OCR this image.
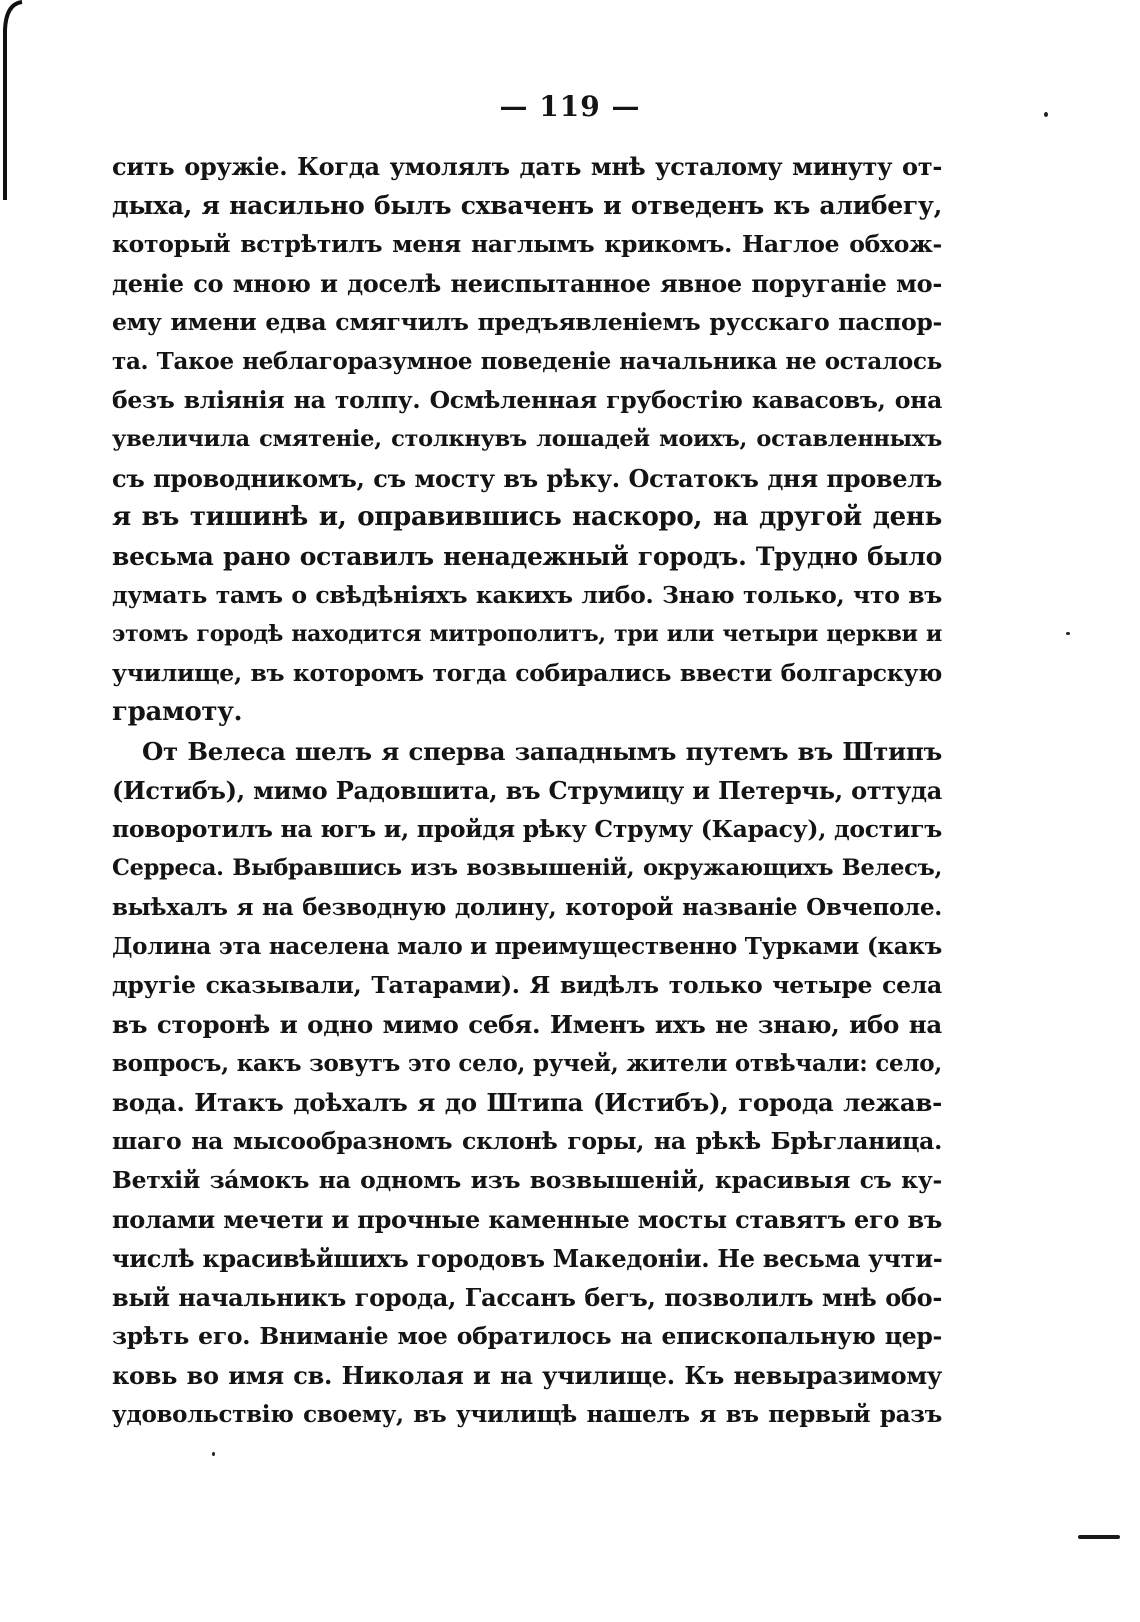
— 119 —
сить оружіе. Когда умолялъ дать мнѣ усталому минуту от-
дыха, я насильно былъ схваченъ и отведенъ къ алибегу,
который встрѣтилъ меня наглымъ крикомъ. Наглое обхож-
деніе со мною и доселѣ неиспытанное явное поруганіе мо-
ему имени едва смягчилъ предъявленіемъ русскаго паспор-
та. Такое неблагоразумное поведеніе начальника не осталось
безъ вліянія на толпу. Осмѣленная грубостію кавасовъ, она
увеличила смятеніе, столкнувъ лошадей моихъ, оставленныхъ
съ проводникомъ, съ мосту въ рѣку. Остатокъ дня провелъ
я въ тишинѣ и, оправившись наскоро, на другой день
весьма рано оставилъ ненадежный городъ. Трудно было
думать тамъ о свѣдѣніяхъ какихъ либо. Знаю только, что въ
этомъ городѣ находится митрополитъ, три или четыри церкви и
училище, въ которомъ тогда собирались ввести болгарскую
грамоту.
От Велеса шелъ я сперва западнымъ путемъ въ Штипъ
(Истибъ), мимо Радовшита, въ Струмицу и Петерчь, оттуда
поворотилъ на югъ и, пройдя рѣку Струму (Карасу), достигъ
Серреса. Выбравшись изъ возвышеній, окружающихъ Велесъ,
выѣхалъ я на безводную долину, которой названіе Овчеполе.
Долина эта населена мало и преимущественно Турками (какъ
другіе сказывали, Татарами). Я видѣлъ только четыре села
въ сторонѣ и одно мимо себя. Именъ ихъ не знаю, ибо на
вопросъ, какъ зовутъ это село, ручей, жители отвѣчали: село,
вода. Итакъ доѣхалъ я до Штипа (Истибъ), города лежав-
шаго на мысообразномъ склонѣ горы, на рѣкѣ Брѣгланица.
Ветхій за́мокъ на одномъ изъ возвышеній, красивыя съ ку-
полами мечети и прочные каменные мосты ставятъ его въ
числѣ красивѣйшихъ городовъ Македоніи. Не весьма учти-
вый начальникъ города, Гассанъ бегъ, позволилъ мнѣ обо-
зрѣть его. Вниманіе мое обратилось на епископальную цер-
ковь во имя св. Николая и на училище. Къ невыразимому
удовольствію своему, въ училищѣ нашелъ я въ первый разъ
